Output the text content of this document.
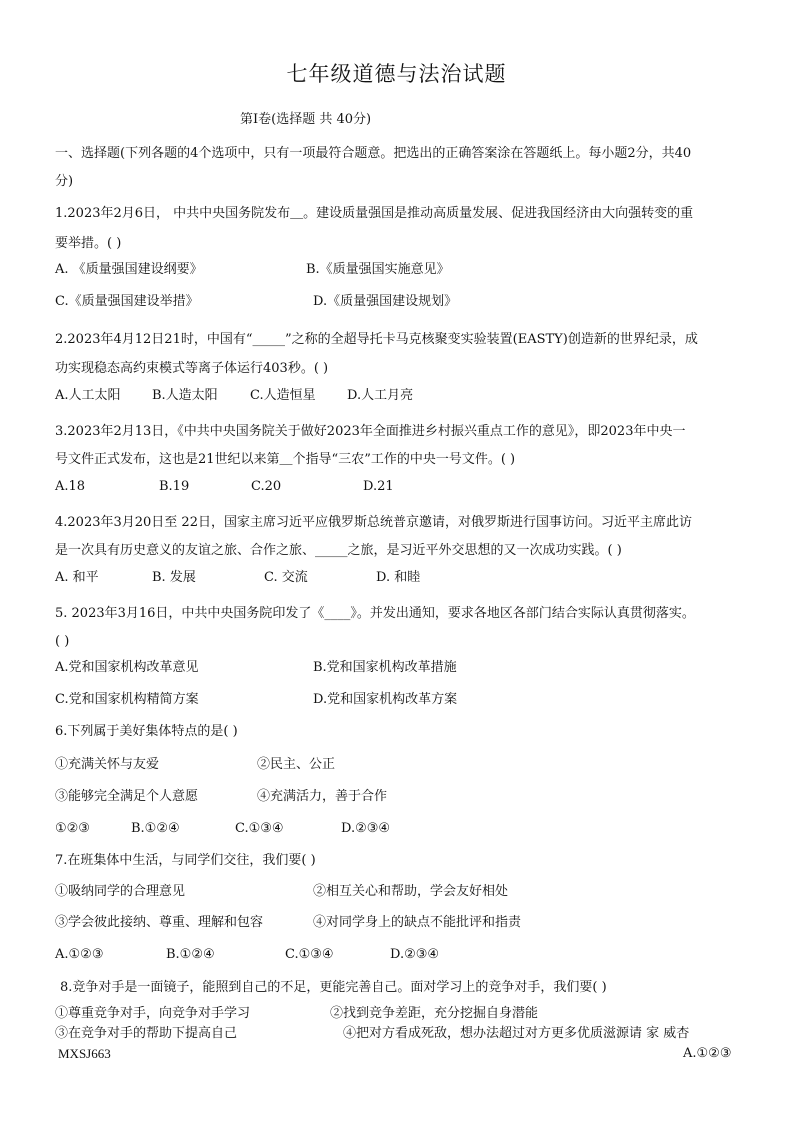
七年级道德与法治试题
第Ⅰ卷(选择题 共 40分)
一、选择题(下列各题的4个选项中，只有一项最符合题意。把选出的正确答案涂在答题纸上。每小题2分，共40
分)
1.2023年2月6日， 中共中央国务院发布＿。建设质量强国是推动高质量发展、促进我国经济由大向强转变的重
要举措。( )
A. 《质量强国建设纲要》	B.《质量强国实施意见》
C.《质量强国建设举措》	D.《质量强国建设规划》
2.2023年4月12日21时，中国有“_____”之称的全超导托卡马克核聚变实验装置(EASTY)创造新的世界纪录，成
功实现稳态高约束模式等离子体运行403秒。( )
A.人工太阳 B.人造太阳 C.人造恒星 D.人工月亮
3.2023年2月13日，《中共中央国务院关于做好2023年全面推进乡村振兴重点工作的意见》，即2023年中央一
号文件正式发布，这也是21世纪以来第＿个指导“三农”工作的中央一号文件。( )
A.18	B.19	C.20	D.21
4.2023年3月20日至 22日，国家主席习近平应俄罗斯总统普京邀请，对俄罗斯进行国事访问。习近平主席此访
是一次具有历史意义的友谊之旅、合作之旅、_____之旅，是习近平外交思想的又一次成功实践。( )
A. 和平	B. 发展	C. 交流	D. 和睦
5. 2023年3月16日，中共中央国务院印发了《____》。并发出通知，要求各地区各部门结合实际认真贯彻落实。
( )
A.党和国家机构改革意见	B.党和国家机构改革措施
C.党和国家机构精简方案	D.党和国家机构改革方案
6.下列属于美好集体特点的是( )
①充满关怀与友爱	②民主、公正
③能够完全满足个人意愿	④充满活力，善于合作
①②③	B.①②④	C.①③④	D.②③④
7.在班集体中生活，与同学们交往，我们要( )
①吸纳同学的合理意见	②相互关心和帮助，学会友好相处
③学会彼此接纳、尊重、理解和包容	④对同学身上的缺点不能批评和指责
A.①②③	B.①②④	C.①③④	D.②③④
8.竞争对手是一面镜子，能照到自己的不足，更能完善自己。面对学习上的竞争对手，我们要( )
①尊重竞争对手，向竞争对手学习	②找到竞争差距，充分挖掘自身潜能
③在竞争对手的帮助下提高自己	④把对方看成死敌，想办法超过对方更多优质滋源请 家 威杏
MXSJ663	A.①②③
